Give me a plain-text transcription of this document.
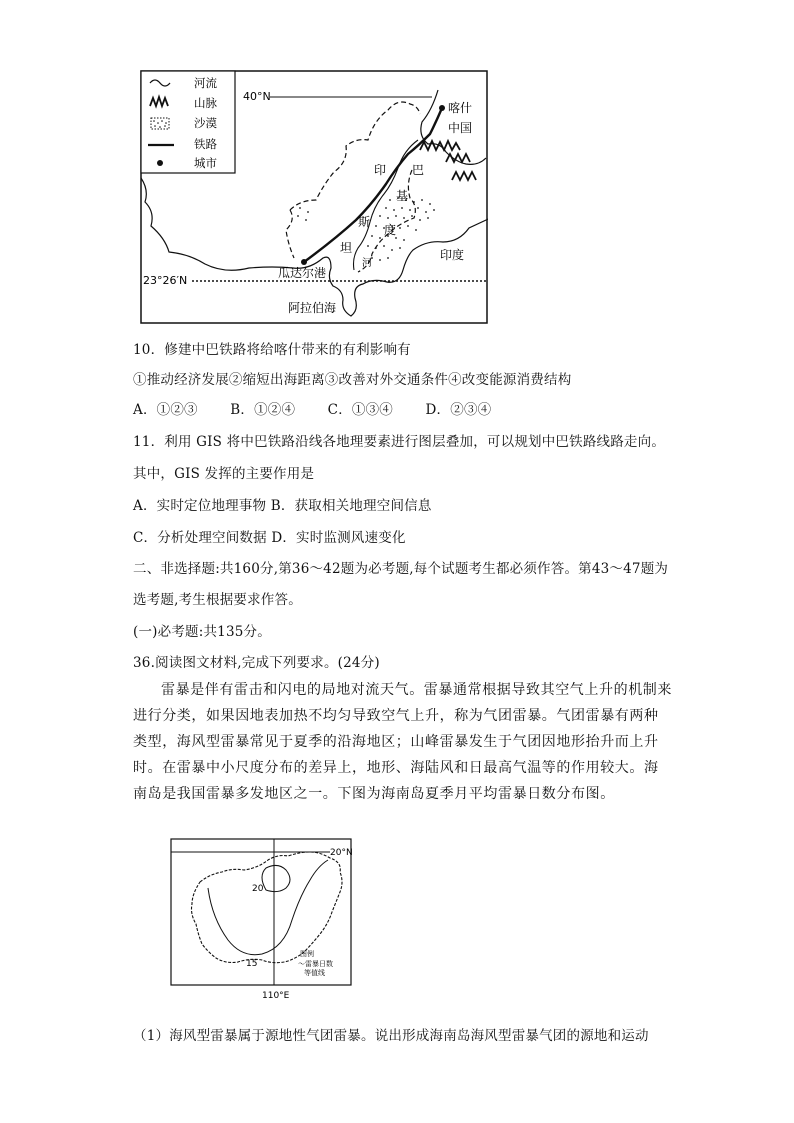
河流
山脉
沙漠
铁路
城市
40°N
23°26′N
喀什
中国
巴
基
斯
坦
印
度
河
印度
瓜达尔港
阿拉伯海
10．修建中巴铁路将给喀什带来的有利影响有
①推动经济发展②缩短出海距离③改善对外交通条件④改变能源消费结构
A．①②③ B．①②④ C．①③④ D．②③④
11．利用 GIS 将中巴铁路沿线各地理要素进行图层叠加，可以规划中巴铁路线路走向。
其中，GIS 发挥的主要作用是
A．实时定位地理事物 B．获取相关地理空间信息
C．分析处理空间数据 D．实时监测风速变化
二、非选择题:共160分,第36～42题为必考题,每个试题考生都必须作答。第43～47题为
选考题,考生根据要求作答。
(一)必考题:共135分。
36.阅读图文材料,完成下列要求。(24分)

雷暴是伴有雷击和闪电的局地对流天气。雷暴通常根据导致其空气上升的机制来进行分类，如果因地表加热不均匀导致空气上升，称为气团雷暴。气团雷暴有两种类型，海风型雷暴常见于夏季的沿海地区；山峰雷暴发生于气团因地形抬升而上升时。在雷暴中小尺度分布的差异上，地形、海陆风和日最高气温等的作用较大。海南岛是我国雷暴多发地区之一。下图为海南岛夏季月平均雷暴日数分布图。

20°N
110°E
20
15
图例
～雷暴日数
等值线
（1）海风型雷暴属于源地性气团雷暴。说出形成海南岛海风型雷暴气团的源地和运动
